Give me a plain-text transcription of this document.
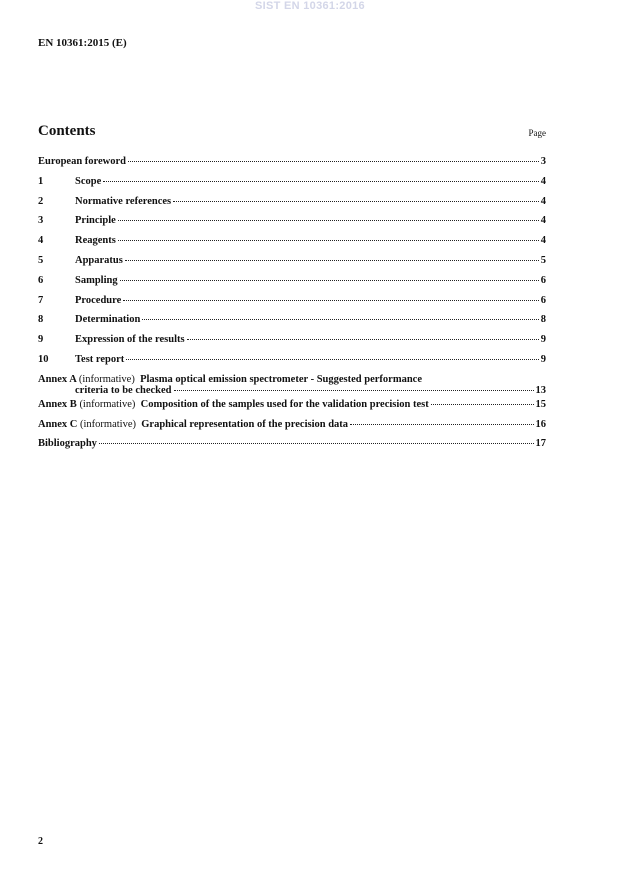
SIST EN 10361:2016
EN 10361:2015 (E)
Contents	Page
European foreword	3
1	Scope	4
2	Normative references	4
3	Principle	4
4	Reagents	4
5	Apparatus	5
6	Sampling	6
7	Procedure	6
8	Determination	8
9	Expression of the results	9
10	Test report	9
Annex A (informative) Plasma optical emission spectrometer - Suggested performance
criteria to be checked	13
Annex B (informative) Composition of the samples used for the validation precision test	15
Annex C (informative) Graphical representation of the precision data	16
Bibliography	17
2
